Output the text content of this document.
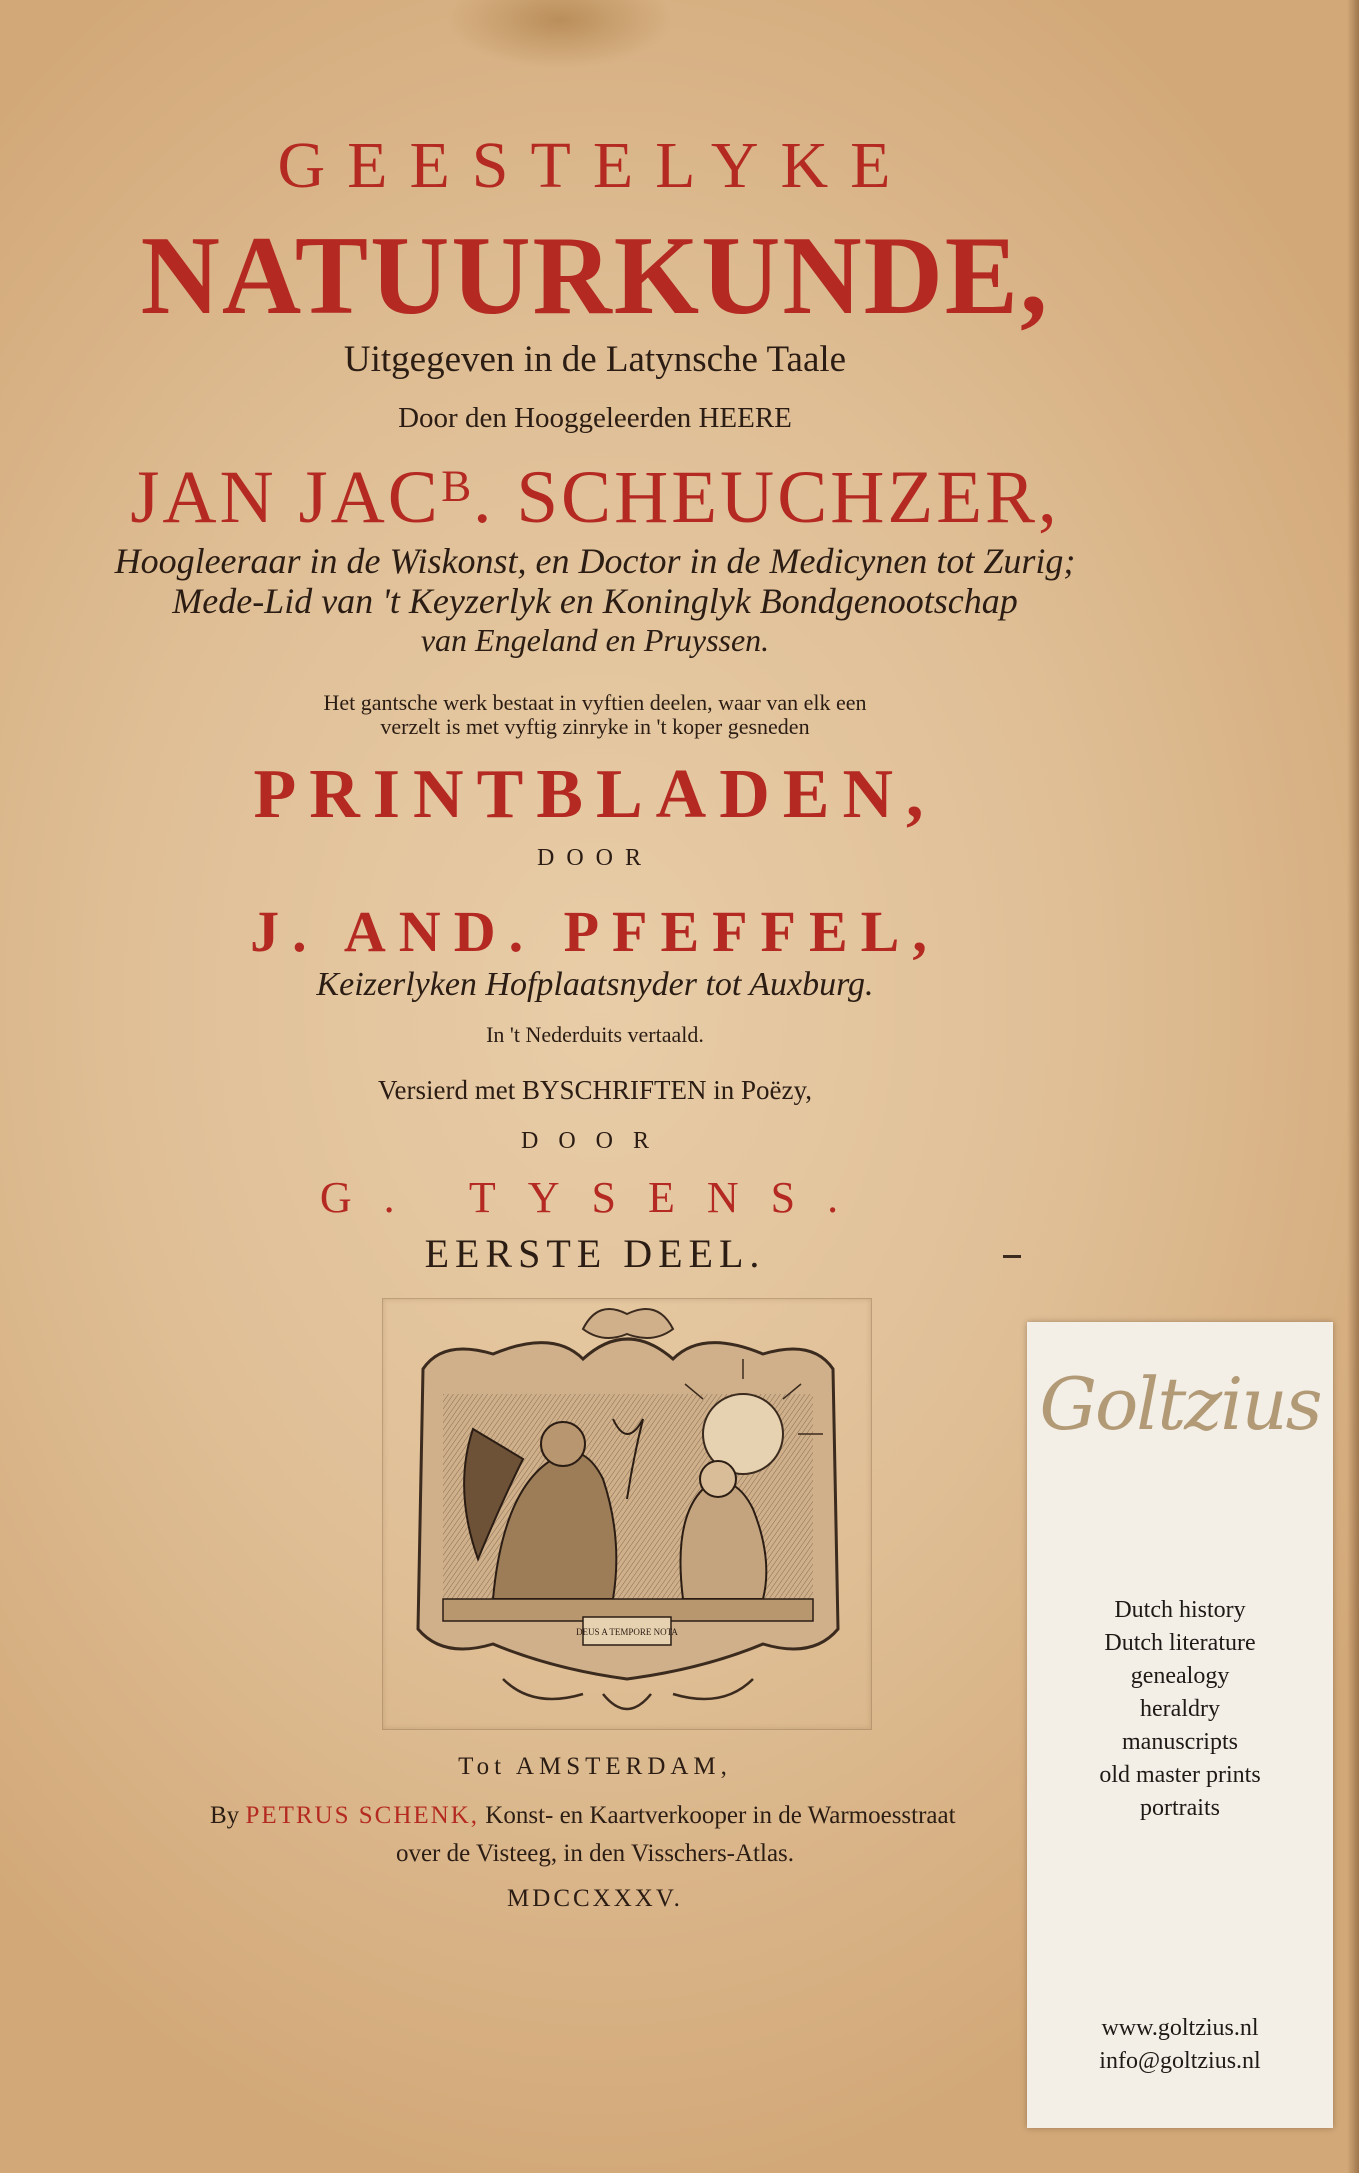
GEESTELYKE
NATUURKUNDE,
Uitgegeven in de Latynsche Taale
Door den Hooggeleerden HEERE
JAN JACᴮ. SCHEUCHZER,
Hoogleeraar in de Wiskonst, en Doctor in de Medicynen tot Zurig;
Mede-Lid van 't Keyzerlyk en Koninglyk Bondgenootschap
van Engeland en Pruyssen.
Het gantsche werk bestaat in vyftien deelen, waar van elk een
verzelt is met vyftig zinryke in 't koper gesneden
PRINTBLADEN,
DOOR
J. AND. PFEFFEL,
Keizerlyken Hofplaatsnyder tot Auxburg.
In 't Nederduits vertaald.
Versierd met BYSCHRIFTEN in Poëzy,
DOOR
G. TYSENS.
EERSTE DEEL.
DEUS A TEMPORE NOTA
Tot AMSTERDAM,
By PETRUS SCHENK, Konst- en Kaartverkooper in de Warmoesstraat
over de Visteeg, in den Visschers-Atlas.
MDCCXXXV.
Goltzius
Dutch history
Dutch literature
genealogy
heraldry
manuscripts
old master prints
portraits
www.goltzius.nl
info@goltzius.nl
